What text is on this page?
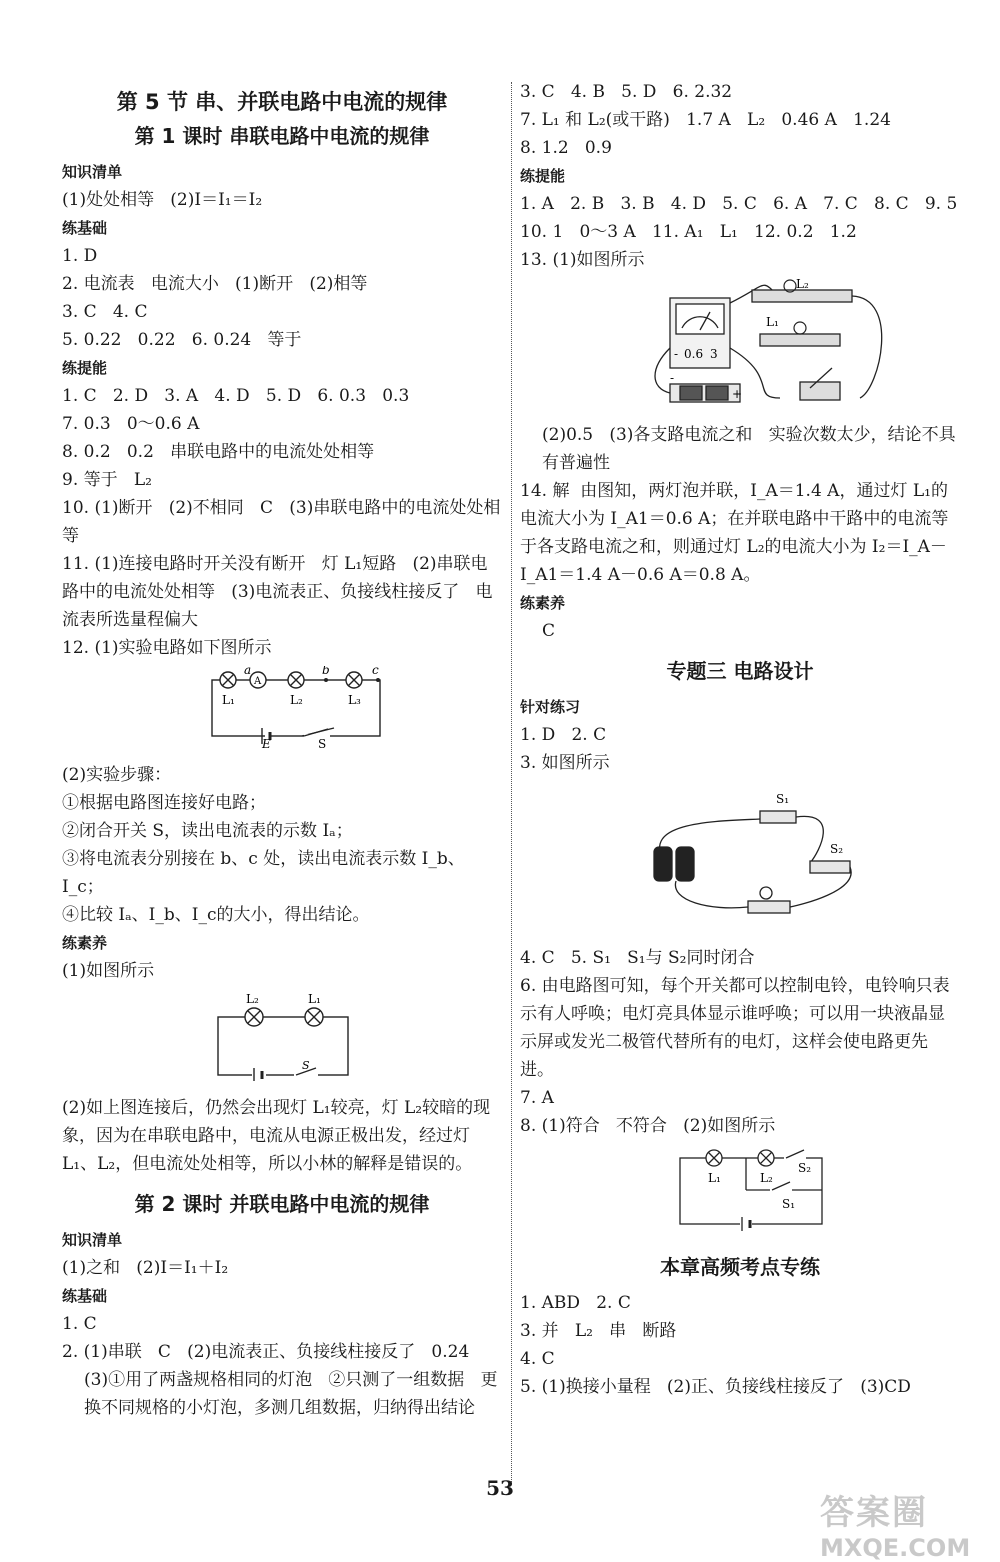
第 5 节 串、并联电路中电流的规律
第 1 课时 串联电路中电流的规律
知识清单
(1)处处相等   (2)I＝I₁＝I₂
练基础
1. D
2. 电流表   电流大小   (1)断开   (2)相等
3. C   4. C
5. 0.22   0.22   6. 0.24   等于
练提能
1. C   2. D   3. A   4. D   5. D   6. 0.3   0.3
7. 0.3   0～0.6 A
8. 0.2   0.2   串联电路中的电流处处相等
9. 等于   L₂
10. (1)断开   (2)不相同   C   (3)串联电路中的电流处处相等
11. (1)连接电路时开关没有断开   灯 L₁短路   (2)串联电路中的电流处处相等   (3)电流表正、负接线柱接反了   电流表所选量程偏大
12. (1)实验电路如下图所示
A
a	b	c
L₁	L₂	L₃
E	S
(2)实验步骤：
①根据电路图连接好电路；
②闭合开关 S，读出电流表的示数 Iₐ；
③将电流表分别接在 b、c 处，读出电流表示数 I_b、I_c；
④比较 Iₐ、I_b、I_c的大小，得出结论。
练素养
(1)如图所示
L₂	L₁
S
(2)如上图连接后，仍然会出现灯 L₁较亮，灯 L₂较暗的现象，因为在串联电路中，电流从电源正极出发，经过灯 L₁、L₂，但电流处处相等，所以小林的解释是错误的。
第 2 课时 并联电路中电流的规律
知识清单
(1)之和   (2)I＝I₁＋I₂
练基础
1. C
2. (1)串联   C   (2)电流表正、负接线柱接反了   0.24
(3)①用了两盏规格相同的灯泡   ②只测了一组数据   更换不同规格的小灯泡，多测几组数据，归纳得出结论
3. C   4. B   5. D   6. 2.32
7. L₁ 和 L₂(或干路)   1.7 A   L₂   0.46 A   1.24
8. 1.2   0.9
练提能
1. A   2. B   3. B   4. D   5. C   6. A   7. C   8. C   9. 5
10. 1   0～3 A   11. A₁   L₁   12. 0.2   1.2
13. (1)如图所示
L₂
L₁
- 0.6 3
+
-
(2)0.5   (3)各支路电流之和   实验次数太少，结论不具有普遍性
14. 解  由图知，两灯泡并联，I_A＝1.4 A，通过灯 L₁的电流大小为 I_A1＝0.6 A；在并联电路中干路中的电流等于各支路电流之和，则通过灯 L₂的电流大小为 I₂＝I_A－I_A1＝1.4 A－0.6 A＝0.8 A。
练素养
C
专题三 电路设计
针对练习
1. D   2. C
3. 如图所示
S₁
S₂
4. C   5. S₁   S₁与 S₂同时闭合
6. 由电路图可知，每个开关都可以控制电铃，电铃响只表示有人呼唤；电灯亮具体显示谁呼唤；可以用一块液晶显示屏或发光二极管代替所有的电灯，这样会使电路更先进。
7. A
8. (1)符合   不符合   (2)如图所示
L₁	L₂
S₂
S₁
本章高频考点专练
1. ABD   2. C
3. 并   L₂   串   断路
4. C
5. (1)换接小量程   (2)正、负接线柱接反了   (3)CD
53
答案圈
MXQE.COM
